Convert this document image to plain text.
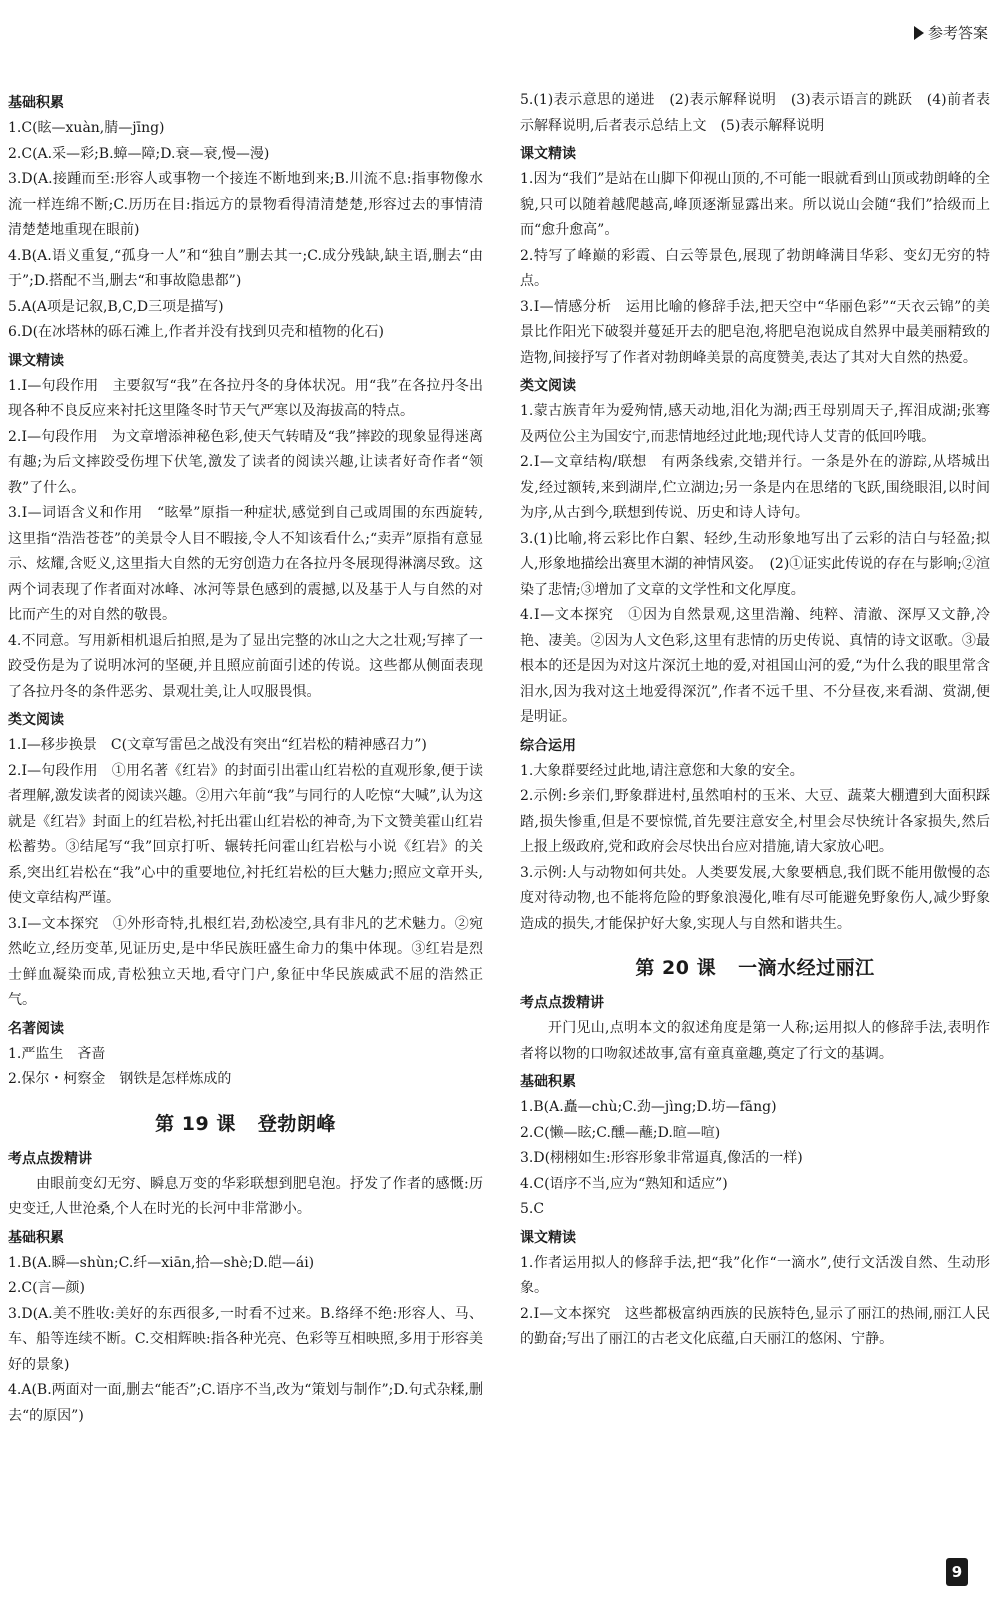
参考答案
基础积累

1.C(眩—xuàn,腈—jīng)

2.C(A.采—彩;B.蟑—障;D.衰—衰,慢—漫)

3.D(A.接踵而至:形容人或事物一个接连不断地到来;B.川流不息:指事物像水流一样连绵不断;C.历历在目:指远方的景物看得清清楚楚,形容过去的事情清清楚楚地重现在眼前)

4.B(A.语义重复,“孤身一人”和“独自”删去其一;C.成分残缺,缺主语,删去“由于”;D.搭配不当,删去“和事故隐患都”)

5.A(A项是记叙,B,C,D三项是描写)

6.D(在冰塔林的砾石滩上,作者并没有找到贝壳和植物的化石)

课文精读

1.Ⅰ—句段作用　主要叙写“我”在各拉丹冬的身体状况。用“我”在各拉丹冬出现各种不良反应来衬托这里隆冬时节天气严寒以及海拔高的特点。

2.Ⅰ—句段作用　为文章增添神秘色彩,使天气转晴及“我”摔跤的现象显得迷离有趣;为后文摔跤受伤埋下伏笔,激发了读者的阅读兴趣,让读者好奇作者“领教”了什么。

3.Ⅰ—词语含义和作用　“眩晕”原指一种症状,感觉到自己或周围的东西旋转,这里指“浩浩苍苍”的美景令人目不暇接,令人不知该看什么;“卖弄”原指有意显示、炫耀,含贬义,这里指大自然的无穷创造力在各拉丹冬展现得淋漓尽致。这两个词表现了作者面对冰峰、冰河等景色感到的震撼,以及基于人与自然的对比而产生的对自然的敬畏。

4.不同意。写用新相机退后拍照,是为了显出完整的冰山之大之壮观;写摔了一跤受伤是为了说明冰河的坚硬,并且照应前面引述的传说。这些都从侧面表现了各拉丹冬的条件恶劣、景观壮美,让人叹服畏惧。

类文阅读

1.Ⅰ—移步换景　C(文章写雷邑之战没有突出“红岩松的精神感召力”)

2.Ⅰ—句段作用　①用名著《红岩》的封面引出霍山红岩松的直观形象,便于读者理解,激发读者的阅读兴趣。②用六年前“我”与同行的人吃惊“大喊”,认为这就是《红岩》封面上的红岩松,衬托出霍山红岩松的神奇,为下文赞美霍山红岩松蓄势。③结尾写“我”回京打听、辗转托问霍山红岩松与小说《红岩》的关系,突出红岩松在“我”心中的重要地位,衬托红岩松的巨大魅力;照应文章开头,使文章结构严谨。

3.Ⅰ—文本探究　①外形奇特,扎根红岩,劲松凌空,具有非凡的艺术魅力。②宛然屹立,经历变革,见证历史,是中华民族旺盛生命力的集中体现。③红岩是烈士鲜血凝染而成,青松独立天地,看守门户,象征中华民族威武不屈的浩然正气。

名著阅读

1.严监生　吝啬

2.保尔・柯察金　钢铁是怎样炼成的

第 19 课 登勃朗峰
考点点拨精讲

由眼前变幻无穷、瞬息万变的华彩联想到肥皂泡。抒发了作者的感慨:历史变迁,人世沧桑,个人在时光的长河中非常渺小。

基础积累

1.B(A.瞬—shùn;C.纤—xiān,拾—shè;D.皑—ái)

2.C(言—颜)

3.D(A.美不胜收:美好的东西很多,一时看不过来。B.络绎不绝:形容人、马、车、船等连续不断。C.交相辉映:指各种光亮、色彩等互相映照,多用于形容美好的景象)

4.A(B.两面对一面,删去“能否”;C.语序不当,改为“策划与制作”;D.句式杂糅,删去“的原因”)

5.(1)表示意思的递进　(2)表示解释说明　(3)表示语言的跳跃　(4)前者表示解释说明,后者表示总结上文　(5)表示解释说明

课文精读

1.因为“我们”是站在山脚下仰视山顶的,不可能一眼就看到山顶或勃朗峰的全貌,只可以随着越爬越高,峰顶逐渐显露出来。所以说山会随“我们”拾级而上而“愈升愈高”。

2.特写了峰巅的彩霞、白云等景色,展现了勃朗峰满目华彩、变幻无穷的特点。

3.Ⅰ—情感分析　运用比喻的修辞手法,把天空中“华丽色彩”“天衣云锦”的美景比作阳光下破裂并蔓延开去的肥皂泡,将肥皂泡说成自然界中最美丽精致的造物,间接抒写了作者对勃朗峰美景的高度赞美,表达了其对大自然的热爱。

类文阅读

1.蒙古族青年为爱殉情,感天动地,泪化为湖;西王母别周天子,挥泪成湖;张骞及两位公主为国安宁,而悲情地经过此地;现代诗人艾青的低回吟哦。

2.Ⅰ—文章结构/联想　有两条线索,交错并行。一条是外在的游踪,从塔城出发,经过额转,来到湖岸,伫立湖边;另一条是内在思绪的飞跃,围绕眼泪,以时间为序,从古到今,联想到传说、历史和诗人诗句。

3.(1)比喻,将云彩比作白絮、轻纱,生动形象地写出了云彩的洁白与轻盈;拟人,形象地描绘出赛里木湖的神情风姿。　(2)①证实此传说的存在与影响;②渲染了悲情;③增加了文章的文学性和文化厚度。

4.Ⅰ—文本探究　①因为自然景观,这里浩瀚、纯粹、清澈、深厚又文静,冷艳、凄美。②因为人文色彩,这里有悲情的历史传说、真情的诗文讴歌。③最根本的还是因为对这片深沉土地的爱,对祖国山河的爱,“为什么我的眼里常含泪水,因为我对这土地爱得深沉”,作者不远千里、不分昼夜,来看湖、赏湖,便是明证。

综合运用

1.大象群要经过此地,请注意您和大象的安全。

2.示例:乡亲们,野象群进村,虽然咱村的玉米、大豆、蔬菜大棚遭到大面积踩踏,损失惨重,但是不要惊慌,首先要注意安全,村里会尽快统计各家损失,然后上报上级政府,党和政府会尽快出台应对措施,请大家放心吧。

3.示例:人与动物如何共处。人类要发展,大象要栖息,我们既不能用傲慢的态度对待动物,也不能将危险的野象浪漫化,唯有尽可能避免野象伤人,减少野象造成的损失,才能保护好大象,实现人与自然和谐共生。

第 20 课 一滴水经过丽江
考点点拨精讲

开门见山,点明本文的叙述角度是第一人称;运用拟人的修辞手法,表明作者将以物的口吻叙述故事,富有童真童趣,奠定了行文的基调。

基础积累

1.B(A.矗—chù;C.劲—jìng;D.坊—fāng)

2.C(懒—眩;C.醺—蘸;D.暄—喧)

3.D(栩栩如生:形容形象非常逼真,像活的一样)

4.C(语序不当,应为“熟知和适应”)

5.C

课文精读

1.作者运用拟人的修辞手法,把“我”化作“一滴水”,使行文活泼自然、生动形象。

2.Ⅰ—文本探究　这些都极富纳西族的民族特色,显示了丽江的热闹,丽江人民的勤奋;写出了丽江的古老文化底蕴,白天丽江的悠闲、宁静。

9
